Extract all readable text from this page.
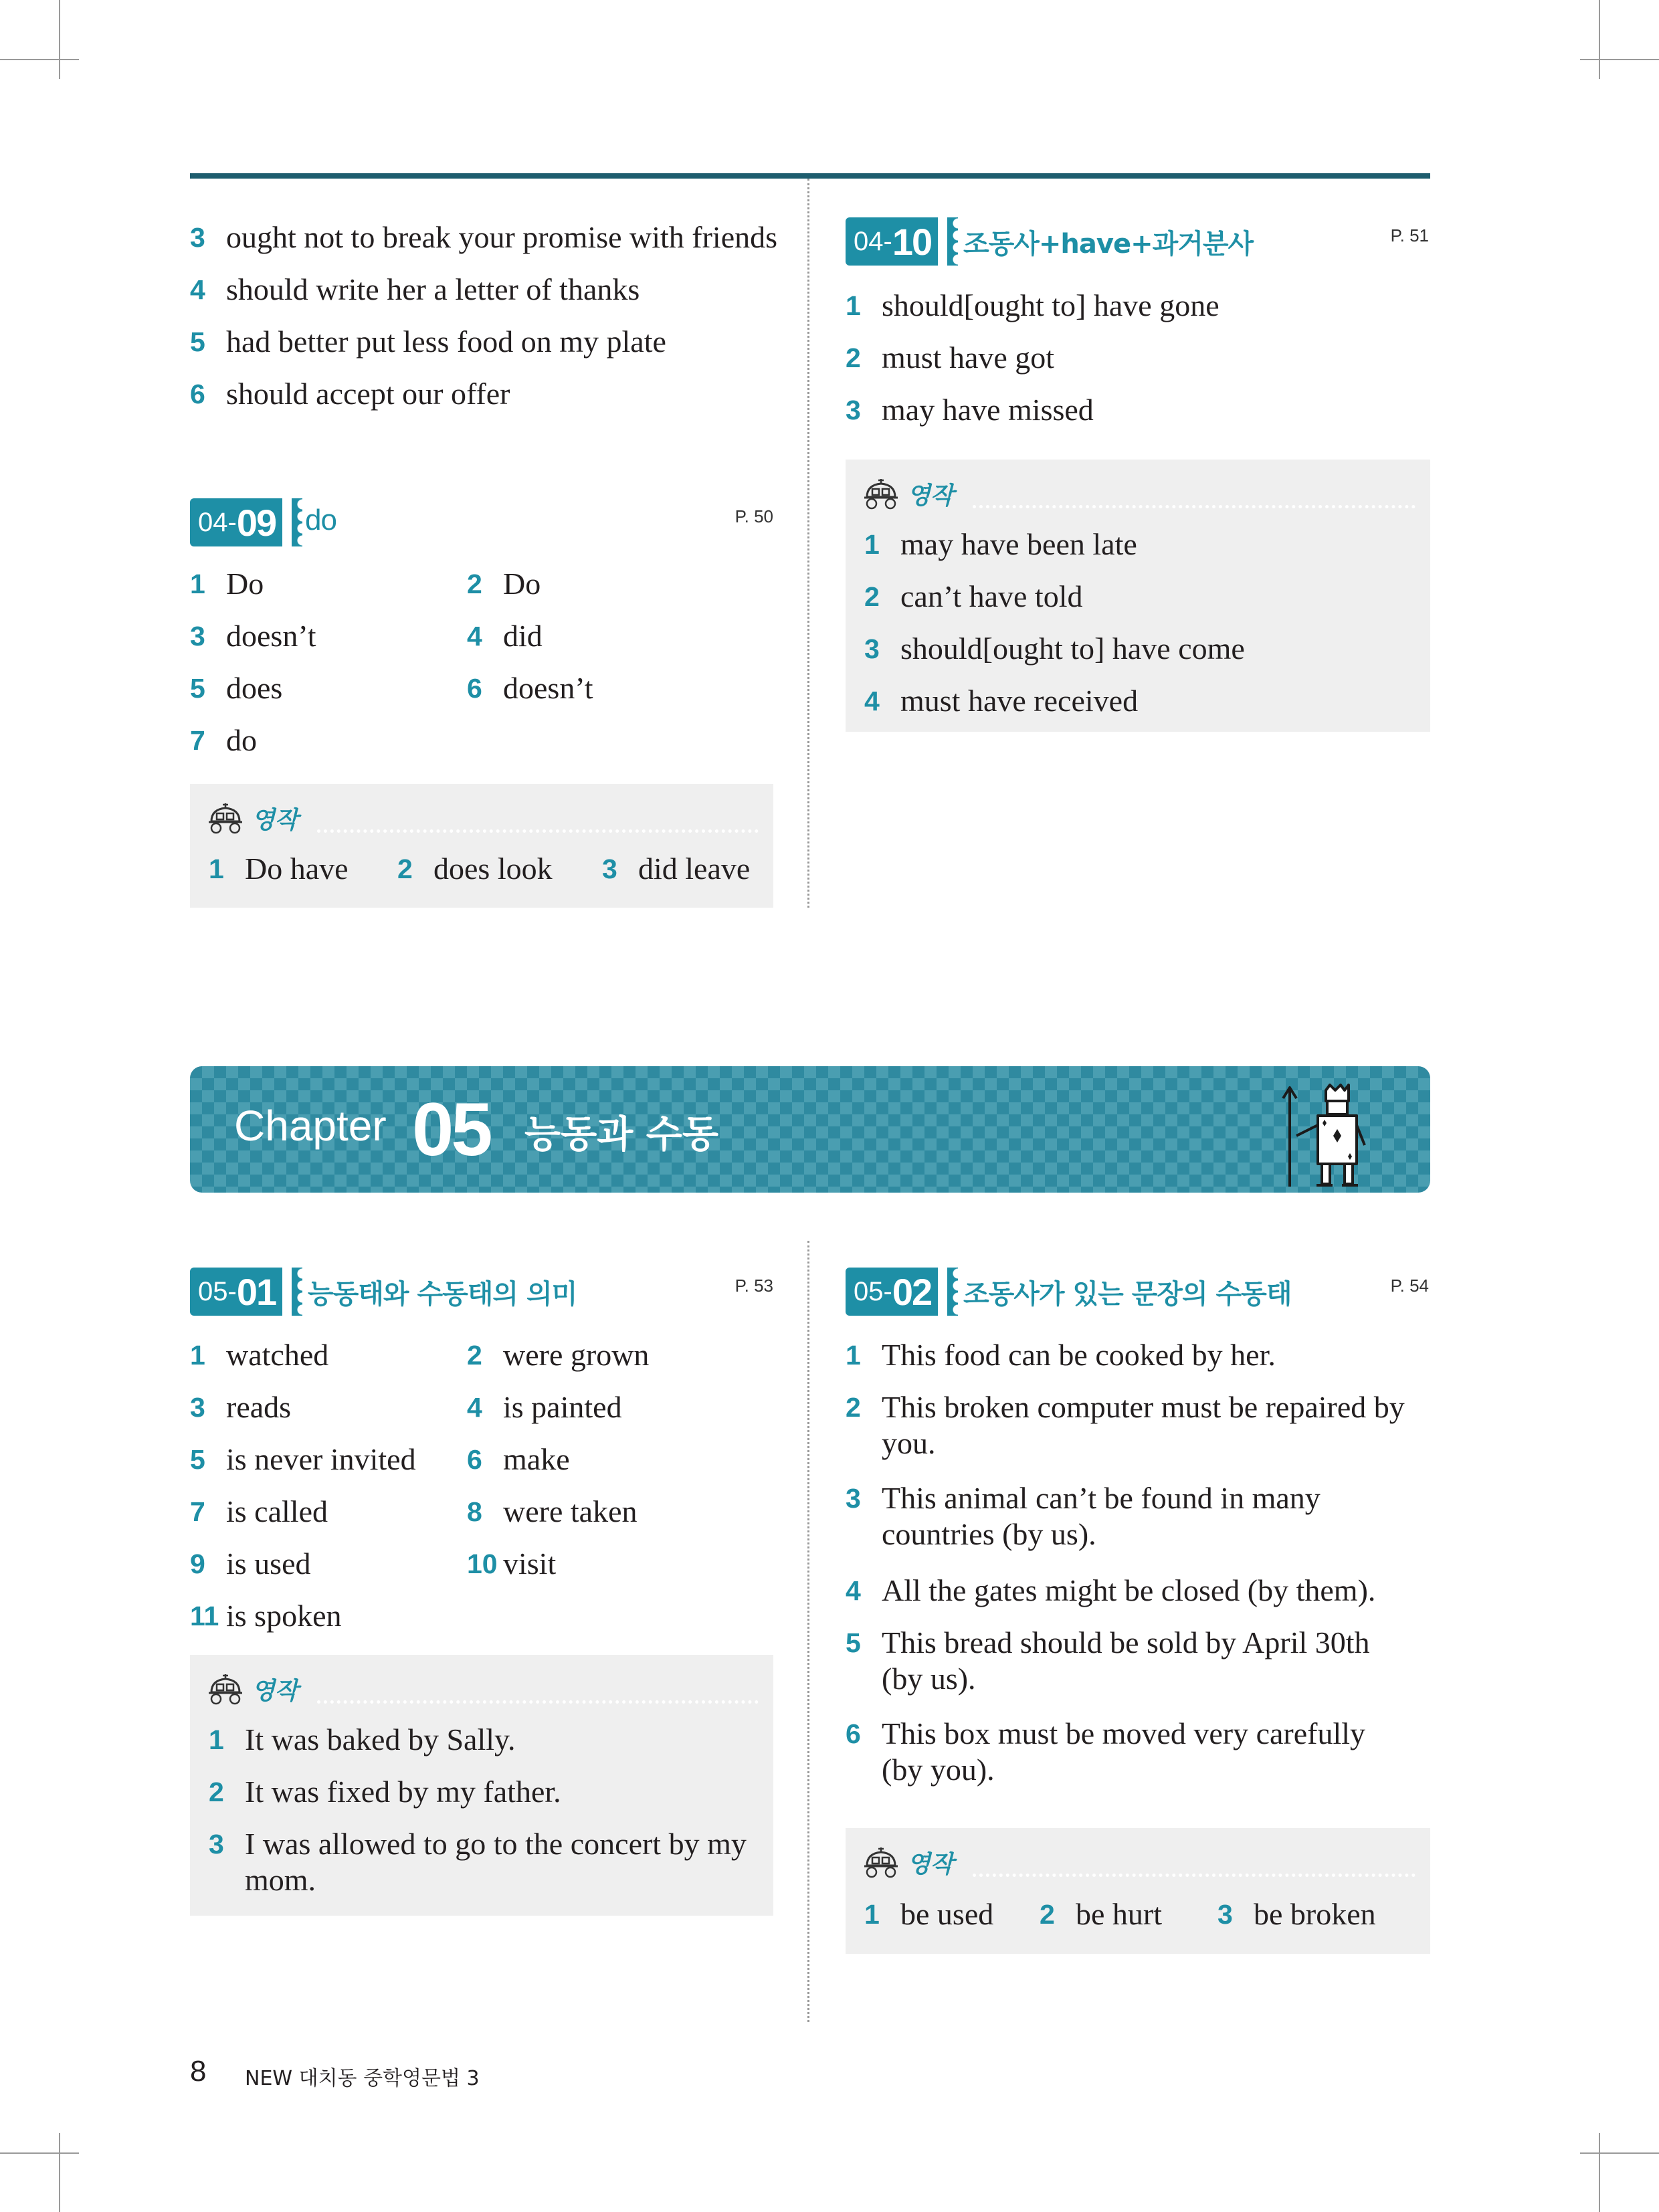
3 ought not to break your promise with friends
4 should write her a letter of thanks
5 had better put less food on my plate
6 should accept our offer
04- 09 do	P. 50
1 Do	2 Do
3 doesn’t	4 did
5 does	6 doesn’t
7 do
영작
1 Do have 2 does look 3 did leave
04- 10 조동사+have+과거분사	P. 51
1 should[ought to] have gone
2 must have got
3 may have missed
영작
1 may have been late
2 can’t have told
3 should[ought to] have come
4 must have received
Chapter 05 능동과 수동
05- 01 능동태와 수동태의 의미	P. 53
1 watched	2 were grown
3 reads	4 is painted
5 is never invited 6 make
7 is called	8 were taken
9 is used	10 visit
11 is spoken
영작
1 It was baked by Sally.
2 It was fixed by my father.
3 I was allowed to go to the concert by my mom.
05- 02 조동사가 있는 문장의 수동태	P. 54
1 This food can be cooked by her.
2 This broken computer must be repaired by you.
3 This animal can’t be found in many countries (by us).
4 All the gates might be closed (by them).
5 This bread should be sold by April 30th (by us).
6 This box must be moved very carefully (by you).
영작
1 be used 2 be hurt 3 be broken
8 NEW 대치동 중학영문법 3
